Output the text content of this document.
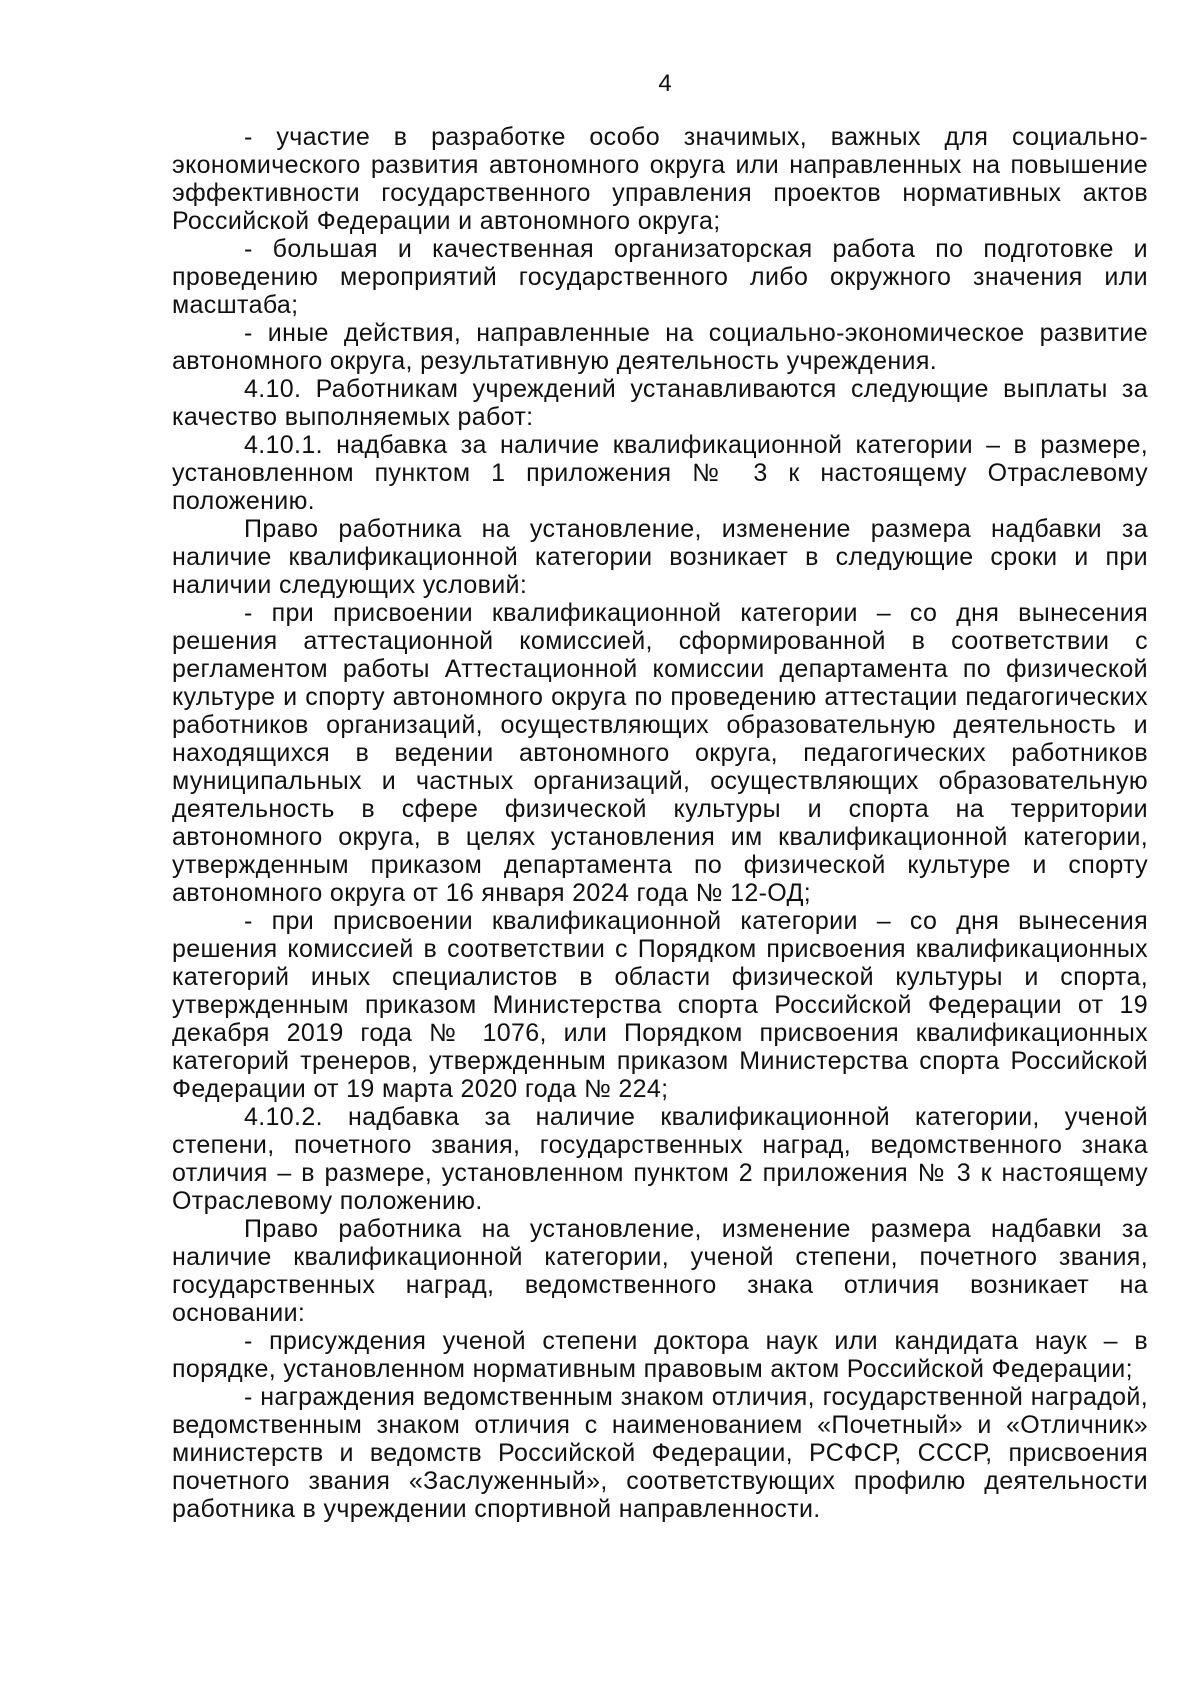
4

- участие в разработке особо значимых, важных для социально-экономического развития автономного округа или направленных на повышение эффективности государственного управления проектов нормативных актов Российской Федерации и автономного округа;

- большая и качественная организаторская работа по подготовке и проведению мероприятий государственного либо окружного значения или масштаба;

- иные действия, направленные на социально-экономическое развитие автономного округа, результативную деятельность учреждения.

4.10. Работникам учреждений устанавливаются следующие выплаты за качество выполняемых работ:

4.10.1. надбавка за наличие квалификационной категории – в размере, установленном пунктом 1 приложения № 3 к настоящему Отраслевому положению.

Право работника на установление, изменение размера надбавки за наличие квалификационной категории возникает в следующие сроки и при наличии следующих условий:

- при присвоении квалификационной категории – со дня вынесения решения аттестационной комиссией, сформированной в соответствии с регламентом работы Аттестационной комиссии департамента по физической культуре и спорту автономного округа по проведению аттестации педагогических работников организаций, осуществляющих образовательную деятельность и находящихся в ведении автономного округа, педагогических работников муниципальных и частных организаций, осуществляющих образовательную деятельность в сфере физической культуры и спорта на территории автономного округа, в целях установления им квалификационной категории, утвержденным приказом департамента по физической культуре и спорту автономного округа от 16 января 2024 года № 12-ОД;

- при присвоении квалификационной категории – со дня вынесения решения комиссией в соответствии с Порядком присвоения квалификационных категорий иных специалистов в области физической культуры и спорта, утвержденным приказом Министерства спорта Российской Федерации от 19 декабря 2019 года № 1076, или Порядком присвоения квалификационных категорий тренеров, утвержденным приказом Министерства спорта Российской Федерации от 19 марта 2020 года № 224;

4.10.2. надбавка за наличие квалификационной категории, ученой степени, почетного звания, государственных наград, ведомственного знака отличия – в размере, установленном пунктом 2 приложения № 3 к настоящему Отраслевому положению.

Право работника на установление, изменение размера надбавки за наличие квалификационной категории, ученой степени, почетного звания, государственных наград, ведомственного знака отличия возникает на основании:

- присуждения ученой степени доктора наук или кандидата наук – в порядке, установленном нормативным правовым актом Российской Федерации;

- награждения ведомственным знаком отличия, государственной наградой, ведомственным знаком отличия с наименованием «Почетный» и «Отличник» министерств и ведомств Российской Федерации, РСФСР, СССР, присвоения почетного звания «Заслуженный», соответствующих профилю деятельности работника в учреждении спортивной направленности.
